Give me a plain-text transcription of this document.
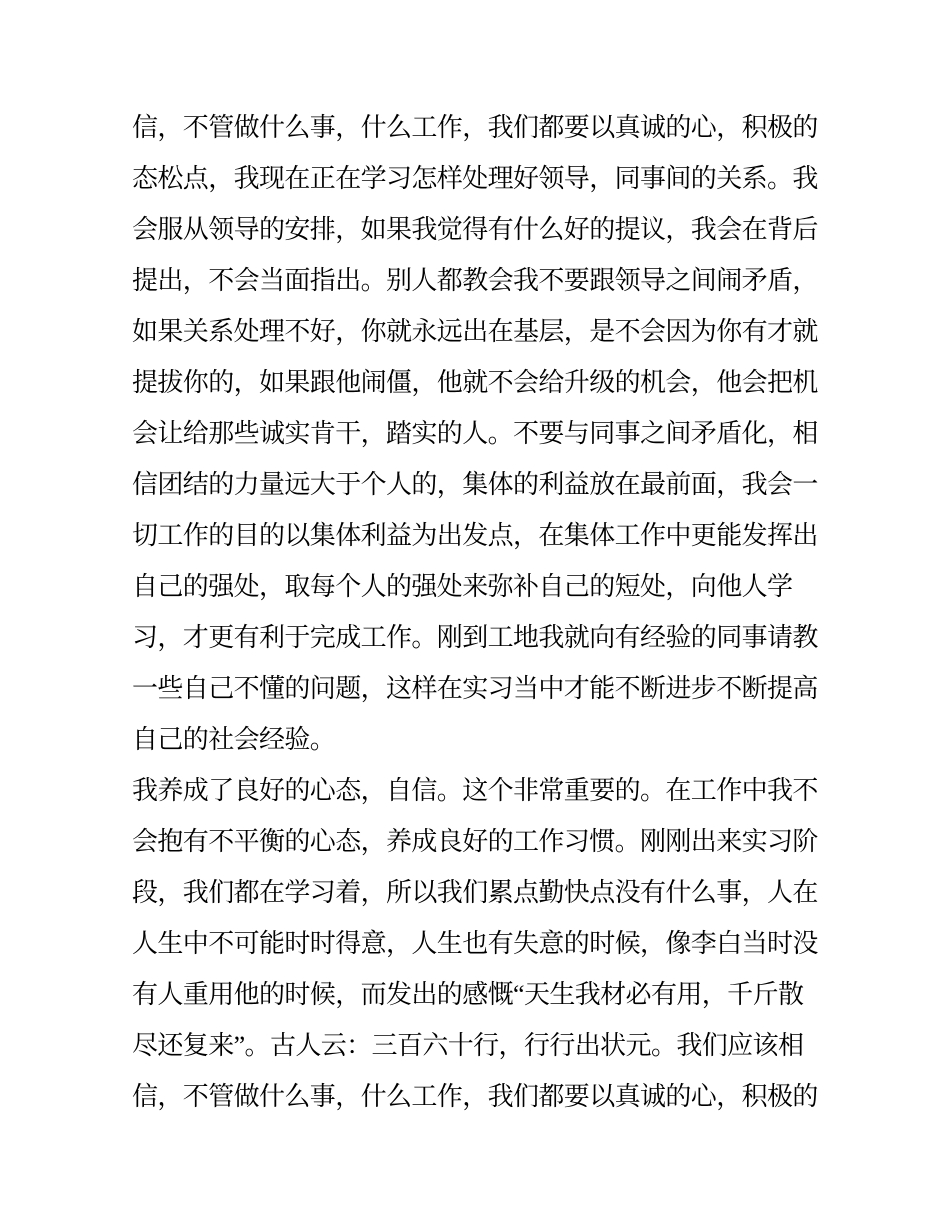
信，不管做什么事，什么工作，我们都要以真诚的心，积极的
态松点，我现在正在学习怎样处理好领导，同事间的关系。我
会服从领导的安排，如果我觉得有什么好的提议，我会在背后
提出，不会当面指出。别人都教会我不要跟领导之间闹矛盾，
如果关系处理不好，你就永远出在基层，是不会因为你有才就
提拔你的，如果跟他闹僵，他就不会给升级的机会，他会把机
会让给那些诚实肯干，踏实的人。不要与同事之间矛盾化，相
信团结的力量远大于个人的，集体的利益放在最前面，我会一
切工作的目的以集体利益为出发点，在集体工作中更能发挥出
自己的强处，取每个人的强处来弥补自己的短处，向他人学
习，才更有利于完成工作。刚到工地我就向有经验的同事请教
一些自己不懂的问题，这样在实习当中才能不断进步不断提高
自己的社会经验。
我养成了良好的心态，自信。这个非常重要的。在工作中我不
会抱有不平衡的心态，养成良好的工作习惯。刚刚出来实习阶
段，我们都在学习着，所以我们累点勤快点没有什么事，人在
人生中不可能时时得意，人生也有失意的时候，像李白当时没
有人重用他的时候，而发出的感慨“天生我材必有用，千斤散
尽还复来”。古人云：三百六十行，行行出状元。我们应该相
信，不管做什么事，什么工作，我们都要以真诚的心，积极的
